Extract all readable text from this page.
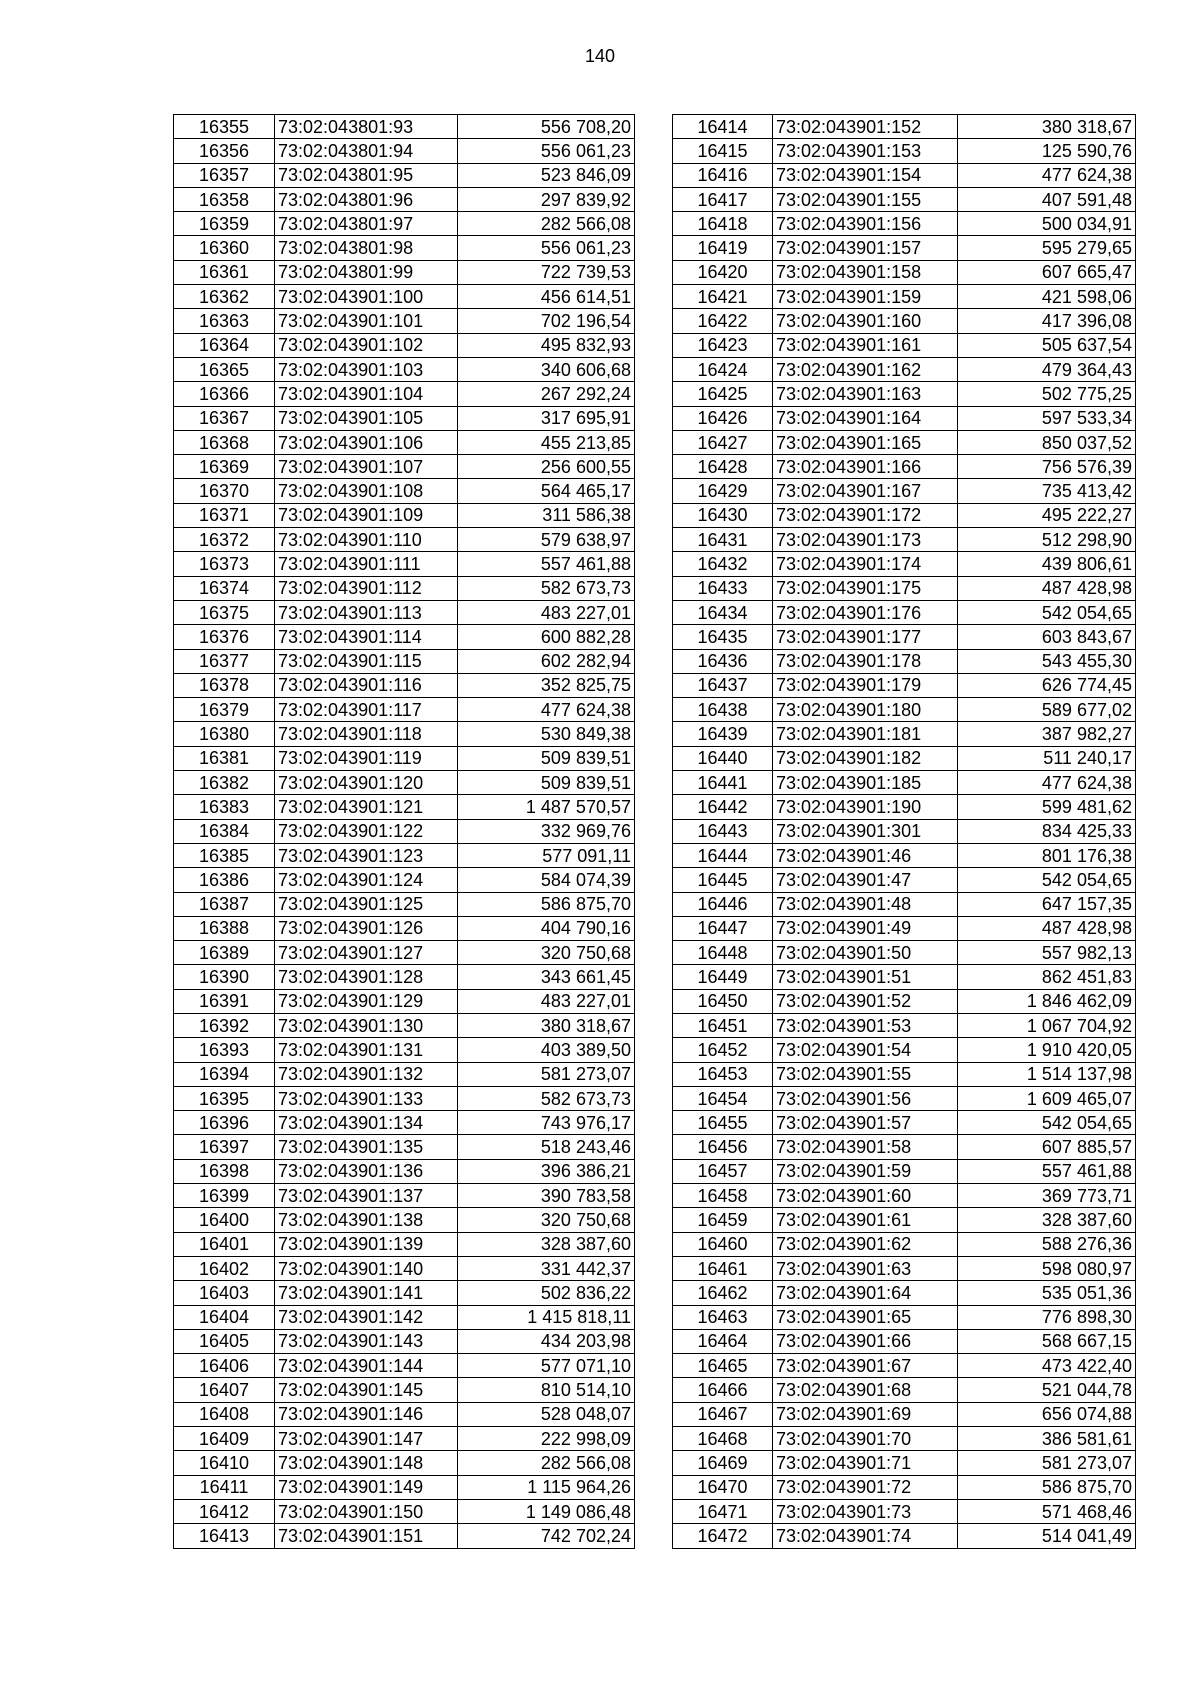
140
16355	73:02:043801:93	556 708,20
16356	73:02:043801:94	556 061,23
16357	73:02:043801:95	523 846,09
16358	73:02:043801:96	297 839,92
16359	73:02:043801:97	282 566,08
16360	73:02:043801:98	556 061,23
16361	73:02:043801:99	722 739,53
16362	73:02:043901:100	456 614,51
16363	73:02:043901:101	702 196,54
16364	73:02:043901:102	495 832,93
16365	73:02:043901:103	340 606,68
16366	73:02:043901:104	267 292,24
16367	73:02:043901:105	317 695,91
16368	73:02:043901:106	455 213,85
16369	73:02:043901:107	256 600,55
16370	73:02:043901:108	564 465,17
16371	73:02:043901:109	311 586,38
16372	73:02:043901:110	579 638,97
16373	73:02:043901:111	557 461,88
16374	73:02:043901:112	582 673,73
16375	73:02:043901:113	483 227,01
16376	73:02:043901:114	600 882,28
16377	73:02:043901:115	602 282,94
16378	73:02:043901:116	352 825,75
16379	73:02:043901:117	477 624,38
16380	73:02:043901:118	530 849,38
16381	73:02:043901:119	509 839,51
16382	73:02:043901:120	509 839,51
16383	73:02:043901:121	1 487 570,57
16384	73:02:043901:122	332 969,76
16385	73:02:043901:123	577 091,11
16386	73:02:043901:124	584 074,39
16387	73:02:043901:125	586 875,70
16388	73:02:043901:126	404 790,16
16389	73:02:043901:127	320 750,68
16390	73:02:043901:128	343 661,45
16391	73:02:043901:129	483 227,01
16392	73:02:043901:130	380 318,67
16393	73:02:043901:131	403 389,50
16394	73:02:043901:132	581 273,07
16395	73:02:043901:133	582 673,73
16396	73:02:043901:134	743 976,17
16397	73:02:043901:135	518 243,46
16398	73:02:043901:136	396 386,21
16399	73:02:043901:137	390 783,58
16400	73:02:043901:138	320 750,68
16401	73:02:043901:139	328 387,60
16402	73:02:043901:140	331 442,37
16403	73:02:043901:141	502 836,22
16404	73:02:043901:142	1 415 818,11
16405	73:02:043901:143	434 203,98
16406	73:02:043901:144	577 071,10
16407	73:02:043901:145	810 514,10
16408	73:02:043901:146	528 048,07
16409	73:02:043901:147	222 998,09
16410	73:02:043901:148	282 566,08
16411	73:02:043901:149	1 115 964,26
16412	73:02:043901:150	1 149 086,48
16413	73:02:043901:151	742 702,24
16414	73:02:043901:152	380 318,67
16415	73:02:043901:153	125 590,76
16416	73:02:043901:154	477 624,38
16417	73:02:043901:155	407 591,48
16418	73:02:043901:156	500 034,91
16419	73:02:043901:157	595 279,65
16420	73:02:043901:158	607 665,47
16421	73:02:043901:159	421 598,06
16422	73:02:043901:160	417 396,08
16423	73:02:043901:161	505 637,54
16424	73:02:043901:162	479 364,43
16425	73:02:043901:163	502 775,25
16426	73:02:043901:164	597 533,34
16427	73:02:043901:165	850 037,52
16428	73:02:043901:166	756 576,39
16429	73:02:043901:167	735 413,42
16430	73:02:043901:172	495 222,27
16431	73:02:043901:173	512 298,90
16432	73:02:043901:174	439 806,61
16433	73:02:043901:175	487 428,98
16434	73:02:043901:176	542 054,65
16435	73:02:043901:177	603 843,67
16436	73:02:043901:178	543 455,30
16437	73:02:043901:179	626 774,45
16438	73:02:043901:180	589 677,02
16439	73:02:043901:181	387 982,27
16440	73:02:043901:182	511 240,17
16441	73:02:043901:185	477 624,38
16442	73:02:043901:190	599 481,62
16443	73:02:043901:301	834 425,33
16444	73:02:043901:46	801 176,38
16445	73:02:043901:47	542 054,65
16446	73:02:043901:48	647 157,35
16447	73:02:043901:49	487 428,98
16448	73:02:043901:50	557 982,13
16449	73:02:043901:51	862 451,83
16450	73:02:043901:52	1 846 462,09
16451	73:02:043901:53	1 067 704,92
16452	73:02:043901:54	1 910 420,05
16453	73:02:043901:55	1 514 137,98
16454	73:02:043901:56	1 609 465,07
16455	73:02:043901:57	542 054,65
16456	73:02:043901:58	607 885,57
16457	73:02:043901:59	557 461,88
16458	73:02:043901:60	369 773,71
16459	73:02:043901:61	328 387,60
16460	73:02:043901:62	588 276,36
16461	73:02:043901:63	598 080,97
16462	73:02:043901:64	535 051,36
16463	73:02:043901:65	776 898,30
16464	73:02:043901:66	568 667,15
16465	73:02:043901:67	473 422,40
16466	73:02:043901:68	521 044,78
16467	73:02:043901:69	656 074,88
16468	73:02:043901:70	386 581,61
16469	73:02:043901:71	581 273,07
16470	73:02:043901:72	586 875,70
16471	73:02:043901:73	571 468,46
16472	73:02:043901:74	514 041,49
